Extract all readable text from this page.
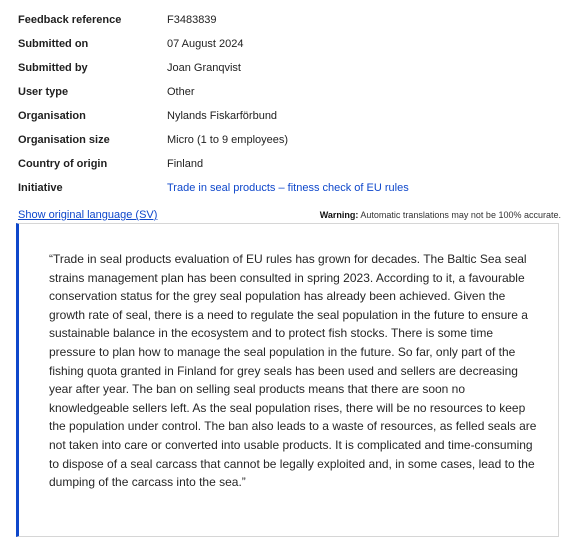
Feedback reference	F3483839
Submitted on	07 August 2024
Submitted by	Joan Granqvist
User type	Other
Organisation	Nylands Fiskarförbund
Organisation size	Micro (1 to 9 employees)
Country of origin	Finland
Initiative	Trade in seal products – fitness check of EU rules
Show original language (SV)	Warning: Automatic translations may not be 100% accurate.

“Trade in seal products evaluation of EU rules has grown for decades. The Baltic Sea seal strains management plan has been consulted in spring 2023. According to it, a favourable conservation status for the grey seal population has already been achieved. Given the growth rate of seal, there is a need to regulate the seal population in the future to ensure a sustainable balance in the ecosystem and to protect fish stocks. There is some time pressure to plan how to manage the seal population in the future. So far, only part of the fishing quota granted in Finland for grey seals has been used and sellers are decreasing year after year. The ban on selling seal products means that there are soon no knowledgeable sellers left. As the seal population rises, there will be no resources to keep the population under control. The ban also leads to a waste of resources, as felled seals are not taken into care or converted into usable products. It is complicated and time-consuming to dispose of a seal carcass that cannot be legally exploited and, in some cases, lead to the dumping of the carcass into the sea.”
